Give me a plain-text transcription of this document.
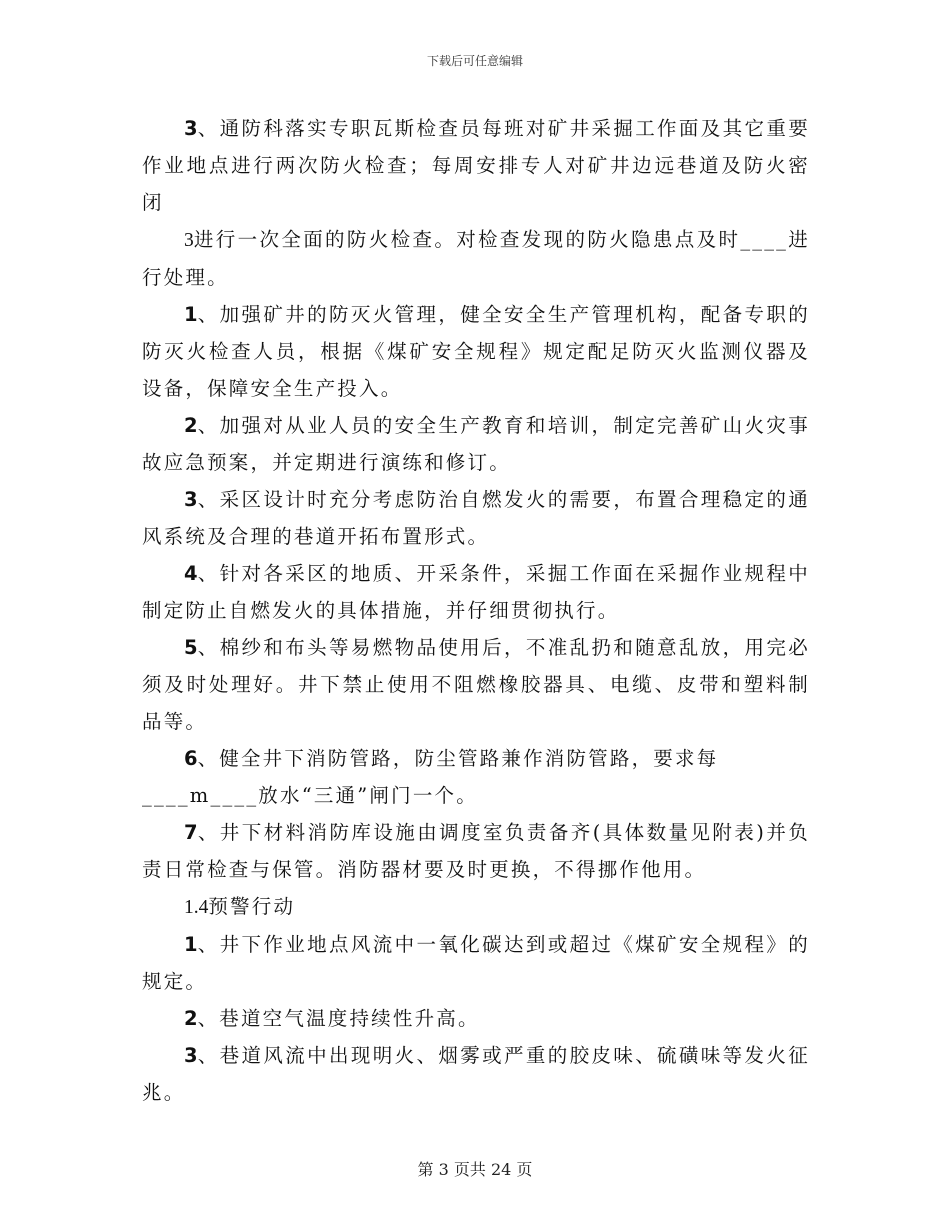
下载后可任意编辑

3、通防科落实专职瓦斯检查员每班对矿井采掘工作面及其它重要作业地点进行两次防火检查；每周安排专人对矿井边远巷道及防火密闭

3进行一次全面的防火检查。对检查发现的防火隐患点及时____进行处理。

1、加强矿井的防灭火管理，健全安全生产管理机构，配备专职的防灭火检查人员，根据《煤矿安全规程》规定配足防灭火监测仪器及设备，保障安全生产投入。

2、加强对从业人员的安全生产教育和培训，制定完善矿山火灾事故应急预案，并定期进行演练和修订。

3、采区设计时充分考虑防治自燃发火的需要，布置合理稳定的通风系统及合理的巷道开拓布置形式。

4、针对各采区的地质、开采条件，采掘工作面在采掘作业规程中制定防止自燃发火的具体措施，并仔细贯彻执行。

5、棉纱和布头等易燃物品使用后，不准乱扔和随意乱放，用完必须及时处理好。井下禁止使用不阻燃橡胶器具、电缆、皮带和塑料制品等。

6、健全井下消防管路，防尘管路兼作消防管路，要求每

____m____放水“三通”闸门一个。

7、井下材料消防库设施由调度室负责备齐(具体数量见附表)并负责日常检查与保管。消防器材要及时更换，不得挪作他用。

1.4预警行动

1、井下作业地点风流中一氧化碳达到或超过《煤矿安全规程》的规定。

2、巷道空气温度持续性升高。

3、巷道风流中出现明火、烟雾或严重的胶皮味、硫磺味等发火征兆。

第 3 页共 24 页
